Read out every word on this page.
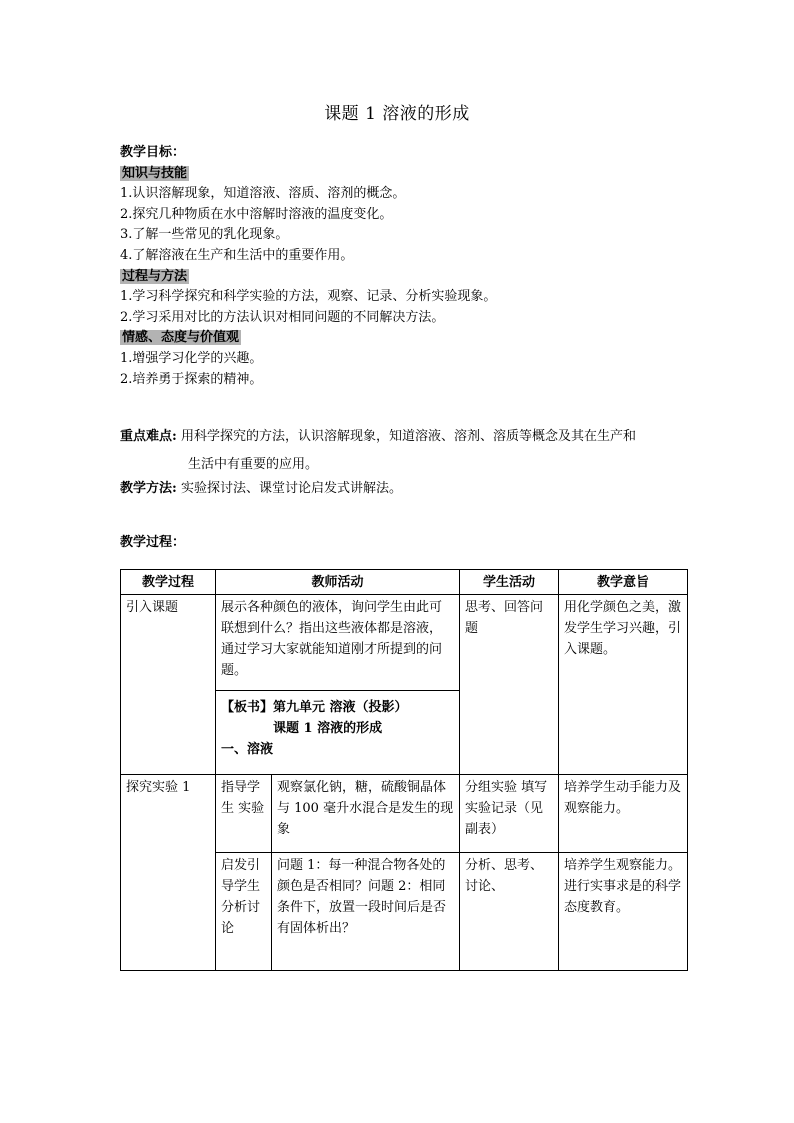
课题 1 溶液的形成
教学目标：
知识与技能
1.认识溶解现象，知道溶液、溶质、溶剂的概念。
2.探究几种物质在水中溶解时溶液的温度变化。
3.了解一些常见的乳化现象。
4.了解溶液在生产和生活中的重要作用。
过程与方法
1.学习科学探究和科学实验的方法，观察、记录、分析实验现象。
2.学习采用对比的方法认识对相同问题的不同解决方法。
情感、态度与价值观
1.增强学习化学的兴趣。
2.培养勇于探索的精神。
重点难点: 用科学探究的方法，认识溶解现象，知道溶液、溶剂、溶质等概念及其在生产和
生活中有重要的应用。
教学方法: 实验探讨法、课堂讨论启发式讲解法。
教学过程：
教学过程	教师活动		学生活动	教学意旨
引入课题	展示各种颜色的液体，询问学生由此可联想到什么？指出这些液体都是溶液，通过学习大家就能知道刚才所提到的问题。		思考、回答问题	用化学颜色之美，激发学生学习兴趣，引入课题。

	【板书】第九单元 溶液（投影）
课题 1 溶液的形成
一、溶液			

探究实验 1	指导学生 实验	观察氯化钠，糖，硫酸铜晶体与 100 毫升水混合是发生的现象	分组实验 填写实验记录（见副表）	培养学生动手能力及观察能力。
	启发引导学生分析讨论	问题 1：每一种混合物各处的颜色是否相同？问题 2：相同条件下，放置一段时间后是否有固体析出？	分析、思考、讨论、	培养学生观察能力。进行实事求是的科学态度教育。
